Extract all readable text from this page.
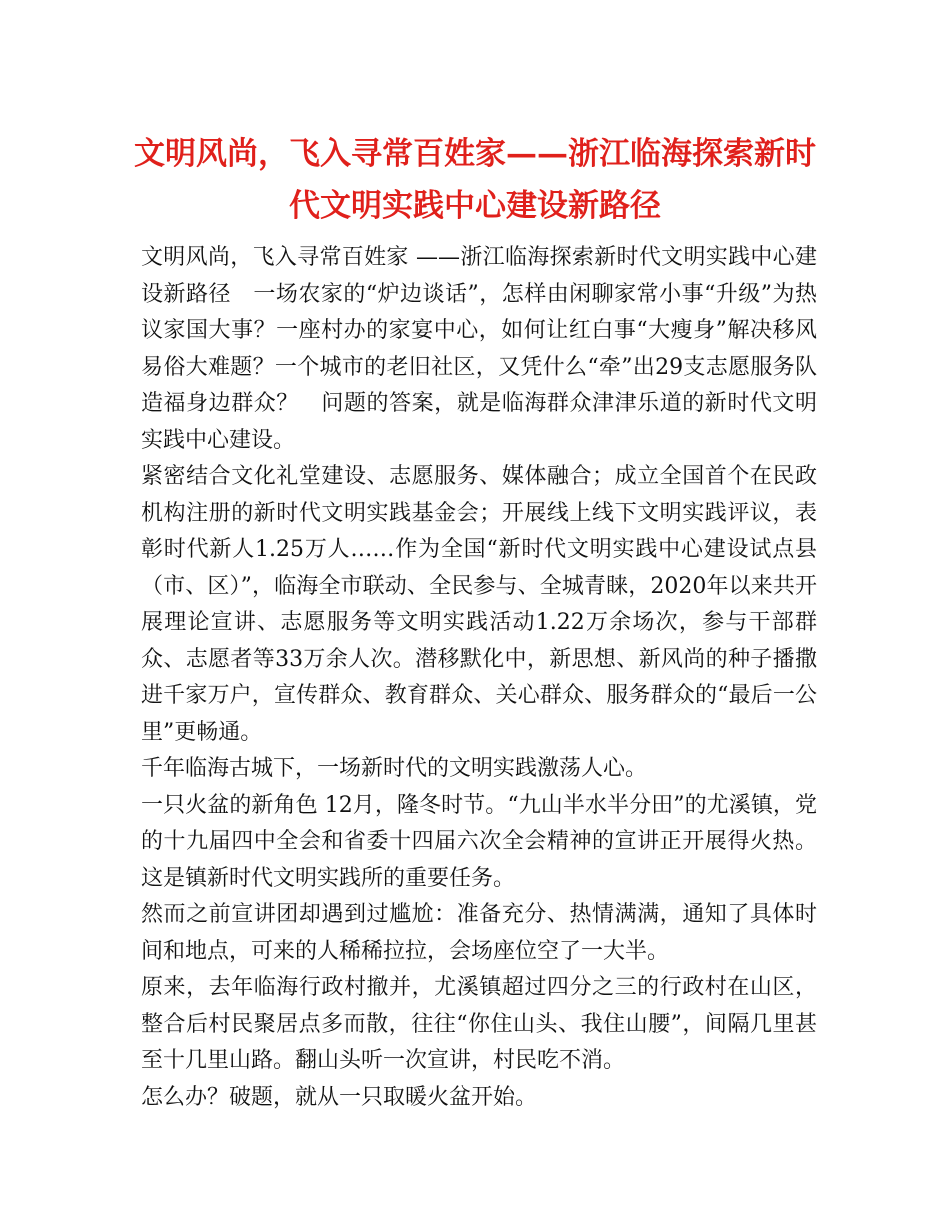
文明风尚，飞入寻常百姓家——浙江临海探索新时代文明实践中心建设新路径

文明风尚，飞入寻常百姓家 ——浙江临海探索新时代文明实践中心建设新路径　一场农家的“炉边谈话”，怎样由闲聊家常小事“升级”为热议家国大事？一座村办的家宴中心，如何让红白事“大瘦身”解决移风易俗大难题？一个城市的老旧社区，又凭什么“牵”出29支志愿服务队造福身边群众？　问题的答案，就是临海群众津津乐道的新时代文明实践中心建设。

紧密结合文化礼堂建设、志愿服务、媒体融合；成立全国首个在民政机构注册的新时代文明实践基金会；开展线上线下文明实践评议，表彰时代新人1.25万人……作为全国“新时代文明实践中心建设试点县（市、区）”，临海全市联动、全民参与、全城青睐，2020年以来共开展理论宣讲、志愿服务等文明实践活动1.22万余场次，参与干部群众、志愿者等33万余人次。潜移默化中，新思想、新风尚的种子播撒进千家万户，宣传群众、教育群众、关心群众、服务群众的“最后一公里”更畅通。

千年临海古城下，一场新时代的文明实践激荡人心。

一只火盆的新角色 12月，隆冬时节。“九山半水半分田”的尤溪镇，党的十九届四中全会和省委十四届六次全会精神的宣讲正开展得火热。这是镇新时代文明实践所的重要任务。

然而之前宣讲团却遇到过尴尬：准备充分、热情满满，通知了具体时间和地点，可来的人稀稀拉拉，会场座位空了一大半。

原来，去年临海行政村撤并，尤溪镇超过四分之三的行政村在山区，整合后村民聚居点多而散，往往“你住山头、我住山腰”，间隔几里甚至十几里山路。翻山头听一次宣讲，村民吃不消。

怎么办？破题，就从一只取暖火盆开始。
